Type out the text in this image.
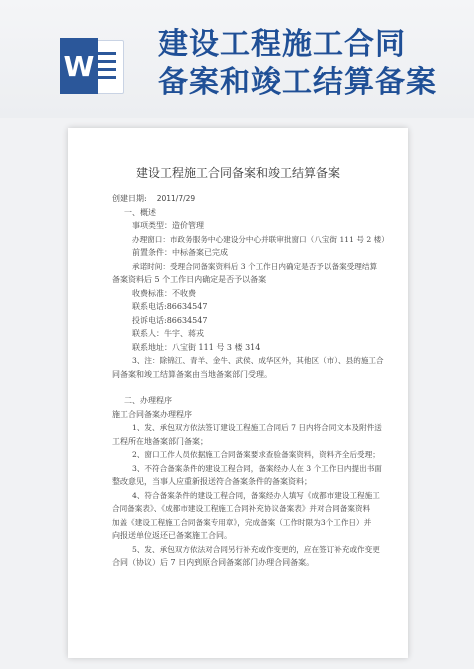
W
建设工程施工合同
备案和竣工结算备案
建设工程施工合同备案和竣工结算备案
创建日期: 2011/7/29
一、概述
事项类型：造价管理
办理窗口：市政务服务中心建设分中心并联审批窗口（八宝街 111 号 2 楼）
前置条件：中标备案已完成
承诺时间：受理合同备案资料后 3 个工作日内确定是否予以备案受理结算
备案资料后 5 个工作日内确定是否予以备案
收费标准：不收费
联系电话:86634547
投诉电话:86634547
联系人：牛宇、蒋戎
联系地址：八宝街 111 号 3 楼 314
3、注：除锦江、青羊、金牛、武侯、成华区外，其他区（市）、县的施工合
同备案和竣工结算备案由当地备案部门受理。
二、办理程序
施工合同备案办理程序
1、发、承包双方依法签订建设工程施工合同后 7 日内将合同文本及附件送
工程所在地备案部门备案；
2、窗口工作人员依据施工合同备案要求查验备案资料，资料齐全后受理；
3、不符合备案条件的建设工程合同，备案经办人在 3 个工作日内提出书面
整改意见，当事人应重新报送符合备案条件的备案资料；
4、符合备案条件的建设工程合同，备案经办人填写《成都市建设工程施工
合同备案表》、《成都市建设工程施工合同补充协议备案表》并对合同备案资料
加盖《建设工程施工合同备案专用章》，完成备案（工作时限为3个工作日）并
向报送单位返还已备案施工合同。
5、发、承包双方依法对合同另行补充或作变更的，应在签订补充或作变更
合同（协议）后 7 日内到原合同备案部门办理合同备案。
